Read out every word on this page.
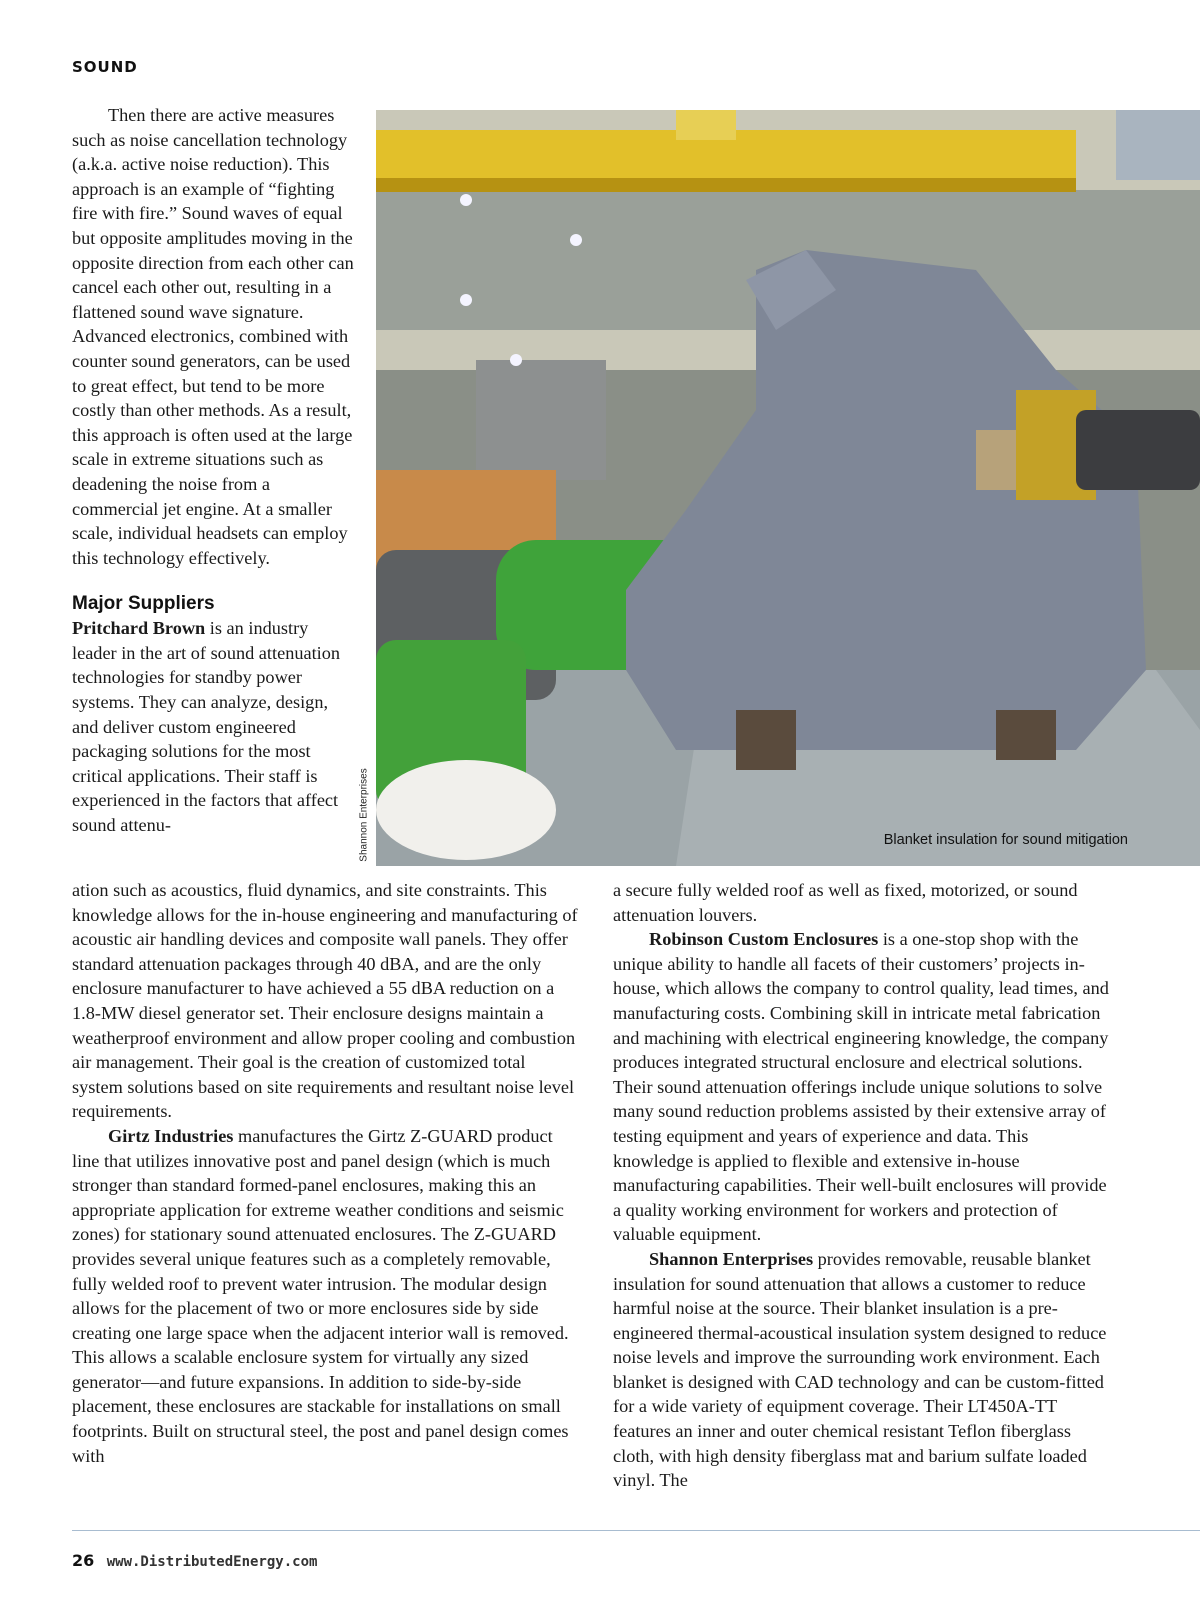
SOUND

Then there are active measures such as noise cancellation technology (a.k.a. active noise reduction). This approach is an example of “fighting fire with fire.” Sound waves of equal but opposite amplitudes moving in the opposite direction from each other can cancel each other out, resulting in a flattened sound wave signature. Advanced electronics, combined with counter sound generators, can be used to great effect, but tend to be more costly than other methods. As a result, this approach is often used at the large scale in extreme situations such as deadening the noise from a commercial jet engine. At a smaller scale, individual headsets can employ this technology effectively.

Major Suppliers

Pritchard Brown is an industry leader in the art of sound attenuation technologies for standby power systems. They can analyze, design, and deliver custom engineered packaging solutions for the most critical applications. Their staff is experienced in the factors that affect sound attenu-

Blanket insulation for sound mitigation
Shannon Enterprises

ation such as acoustics, fluid dynamics, and site constraints. This knowledge allows for the in-house engineering and manufacturing of acoustic air handling devices and composite wall panels. They offer standard attenuation packages through 40 dBA, and are the only enclosure manufacturer to have achieved a 55 dBA reduction on a 1.8-MW diesel generator set. Their enclosure designs maintain a weatherproof environment and allow proper cooling and combustion air management. Their goal is the creation of customized total system solutions based on site requirements and resultant noise level requirements.

Girtz Industries manufactures the Girtz Z-GUARD product line that utilizes innovative post and panel design (which is much stronger than standard formed-panel enclosures, making this an appropriate application for extreme weather conditions and seismic zones) for stationary sound attenuated enclosures. The Z-GUARD provides several unique features such as a completely removable, fully welded roof to prevent water intrusion. The modular design allows for the placement of two or more enclosures side by side creating one large space when the adjacent interior wall is removed. This allows a scalable enclosure system for virtually any sized generator—and future expansions. In addition to side-by-side placement, these enclosures are stackable for installations on small footprints. Built on structural steel, the post and panel design comes with

a secure fully welded roof as well as fixed, motorized, or sound attenuation louvers.

Robinson Custom Enclosures is a one-stop shop with the unique ability to handle all facets of their customers’ projects in-house, which allows the company to control quality, lead times, and manufacturing costs. Combining skill in intricate metal fabrication and machining with electrical engineering knowledge, the company produces integrated structural enclosure and electrical solutions. Their sound attenuation offerings include unique solutions to solve many sound reduction problems assisted by their extensive array of testing equipment and years of experience and data. This knowledge is applied to flexible and extensive in-house manufacturing capabilities. Their well-built enclosures will provide a quality working environment for workers and protection of valuable equipment.

Shannon Enterprises provides removable, reusable blanket insulation for sound attenuation that allows a customer to reduce harmful noise at the source. Their blanket insulation is a pre-engineered thermal-acoustical insulation system designed to reduce noise levels and improve the surrounding work environment. Each blanket is designed with CAD technology and can be custom-fitted for a wide variety of equipment coverage. Their LT450A-TT features an inner and outer chemical resistant Teflon fiberglass cloth, with high density fiberglass mat and barium sulfate loaded vinyl. The

26 www.DistributedEnergy.com
